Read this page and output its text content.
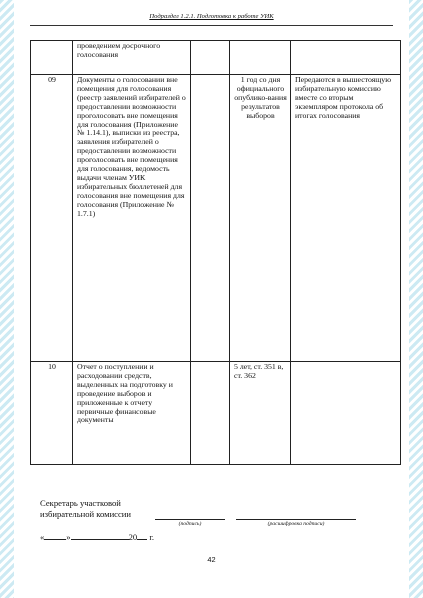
Подраздел 1.2.1. Подготовка к работе УИК
	проведением досрочного голосования			
09	Документы о голосовании вне помещения для голосования (реестр заявлений избирателей о предоставлении возможности проголосовать вне помещения для голосования (Приложение № 1.14.1), выписки из реестра, заявления избирателей о предоставлении возможности проголосовать вне помещения для голосования, ведомость выдачи членам УИК избирательных бюллетеней для голосования вне помещения для голосования (Приложение № 1.7.1)		1 год со дня официального опублико-вания результатов выборов	Передаются в вышестоящую избирательную комиссию вместе со вторым экземпляром протокола об итогах голосования
10	Отчет о поступлении и расходовании средств, выделенных на подготовку и проведение выборов и приложенные к отчету первичные финансовые документы		5 лет, ст. 351 в, ст. 362	
Секретарь участковой
избирательной комиссии
(подпись)	(расшифровка подписи)
«	»	20 г.
42
